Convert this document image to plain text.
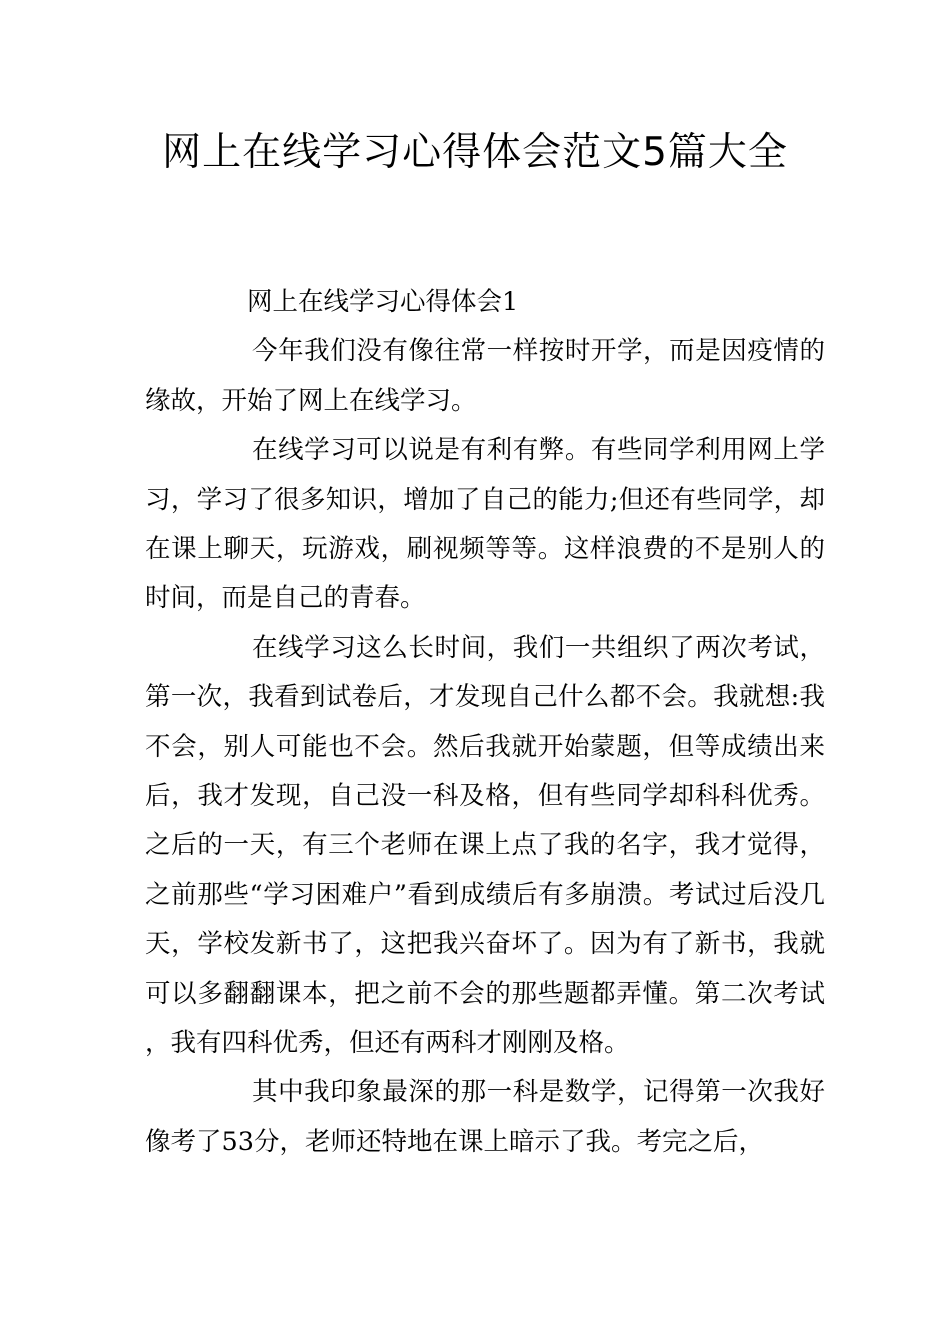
网上在线学习心得体会范文5篇大全

网上在线学习心得体会1

今年我们没有像往常一样按时开学，而是因疫情的缘故，开始了网上在线学习。

在线学习可以说是有利有弊。有些同学利用网上学习，学习了很多知识，增加了自己的能力;但还有些同学，却在课上聊天，玩游戏，刷视频等等。这样浪费的不是别人的时间，而是自己的青春。

在线学习这么长时间，我们一共组织了两次考试，第一次，我看到试卷后，才发现自己什么都不会。我就想:我不会，别人可能也不会。然后我就开始蒙题，但等成绩出来后，我才发现，自己没一科及格，但有些同学却科科优秀。之后的一天，有三个老师在课上点了我的名字，我才觉得，之前那些“学习困难户”看到成绩后有多崩溃。考试过后没几天，学校发新书了，这把我兴奋坏了。因为有了新书，我就可以多翻翻课本，把之前不会的那些题都弄懂。第二次考试，我有四科优秀，但还有两科才刚刚及格。

其中我印象最深的那一科是数学，记得第一次我好像考了53分，老师还特地在课上暗示了我。考完之后，
